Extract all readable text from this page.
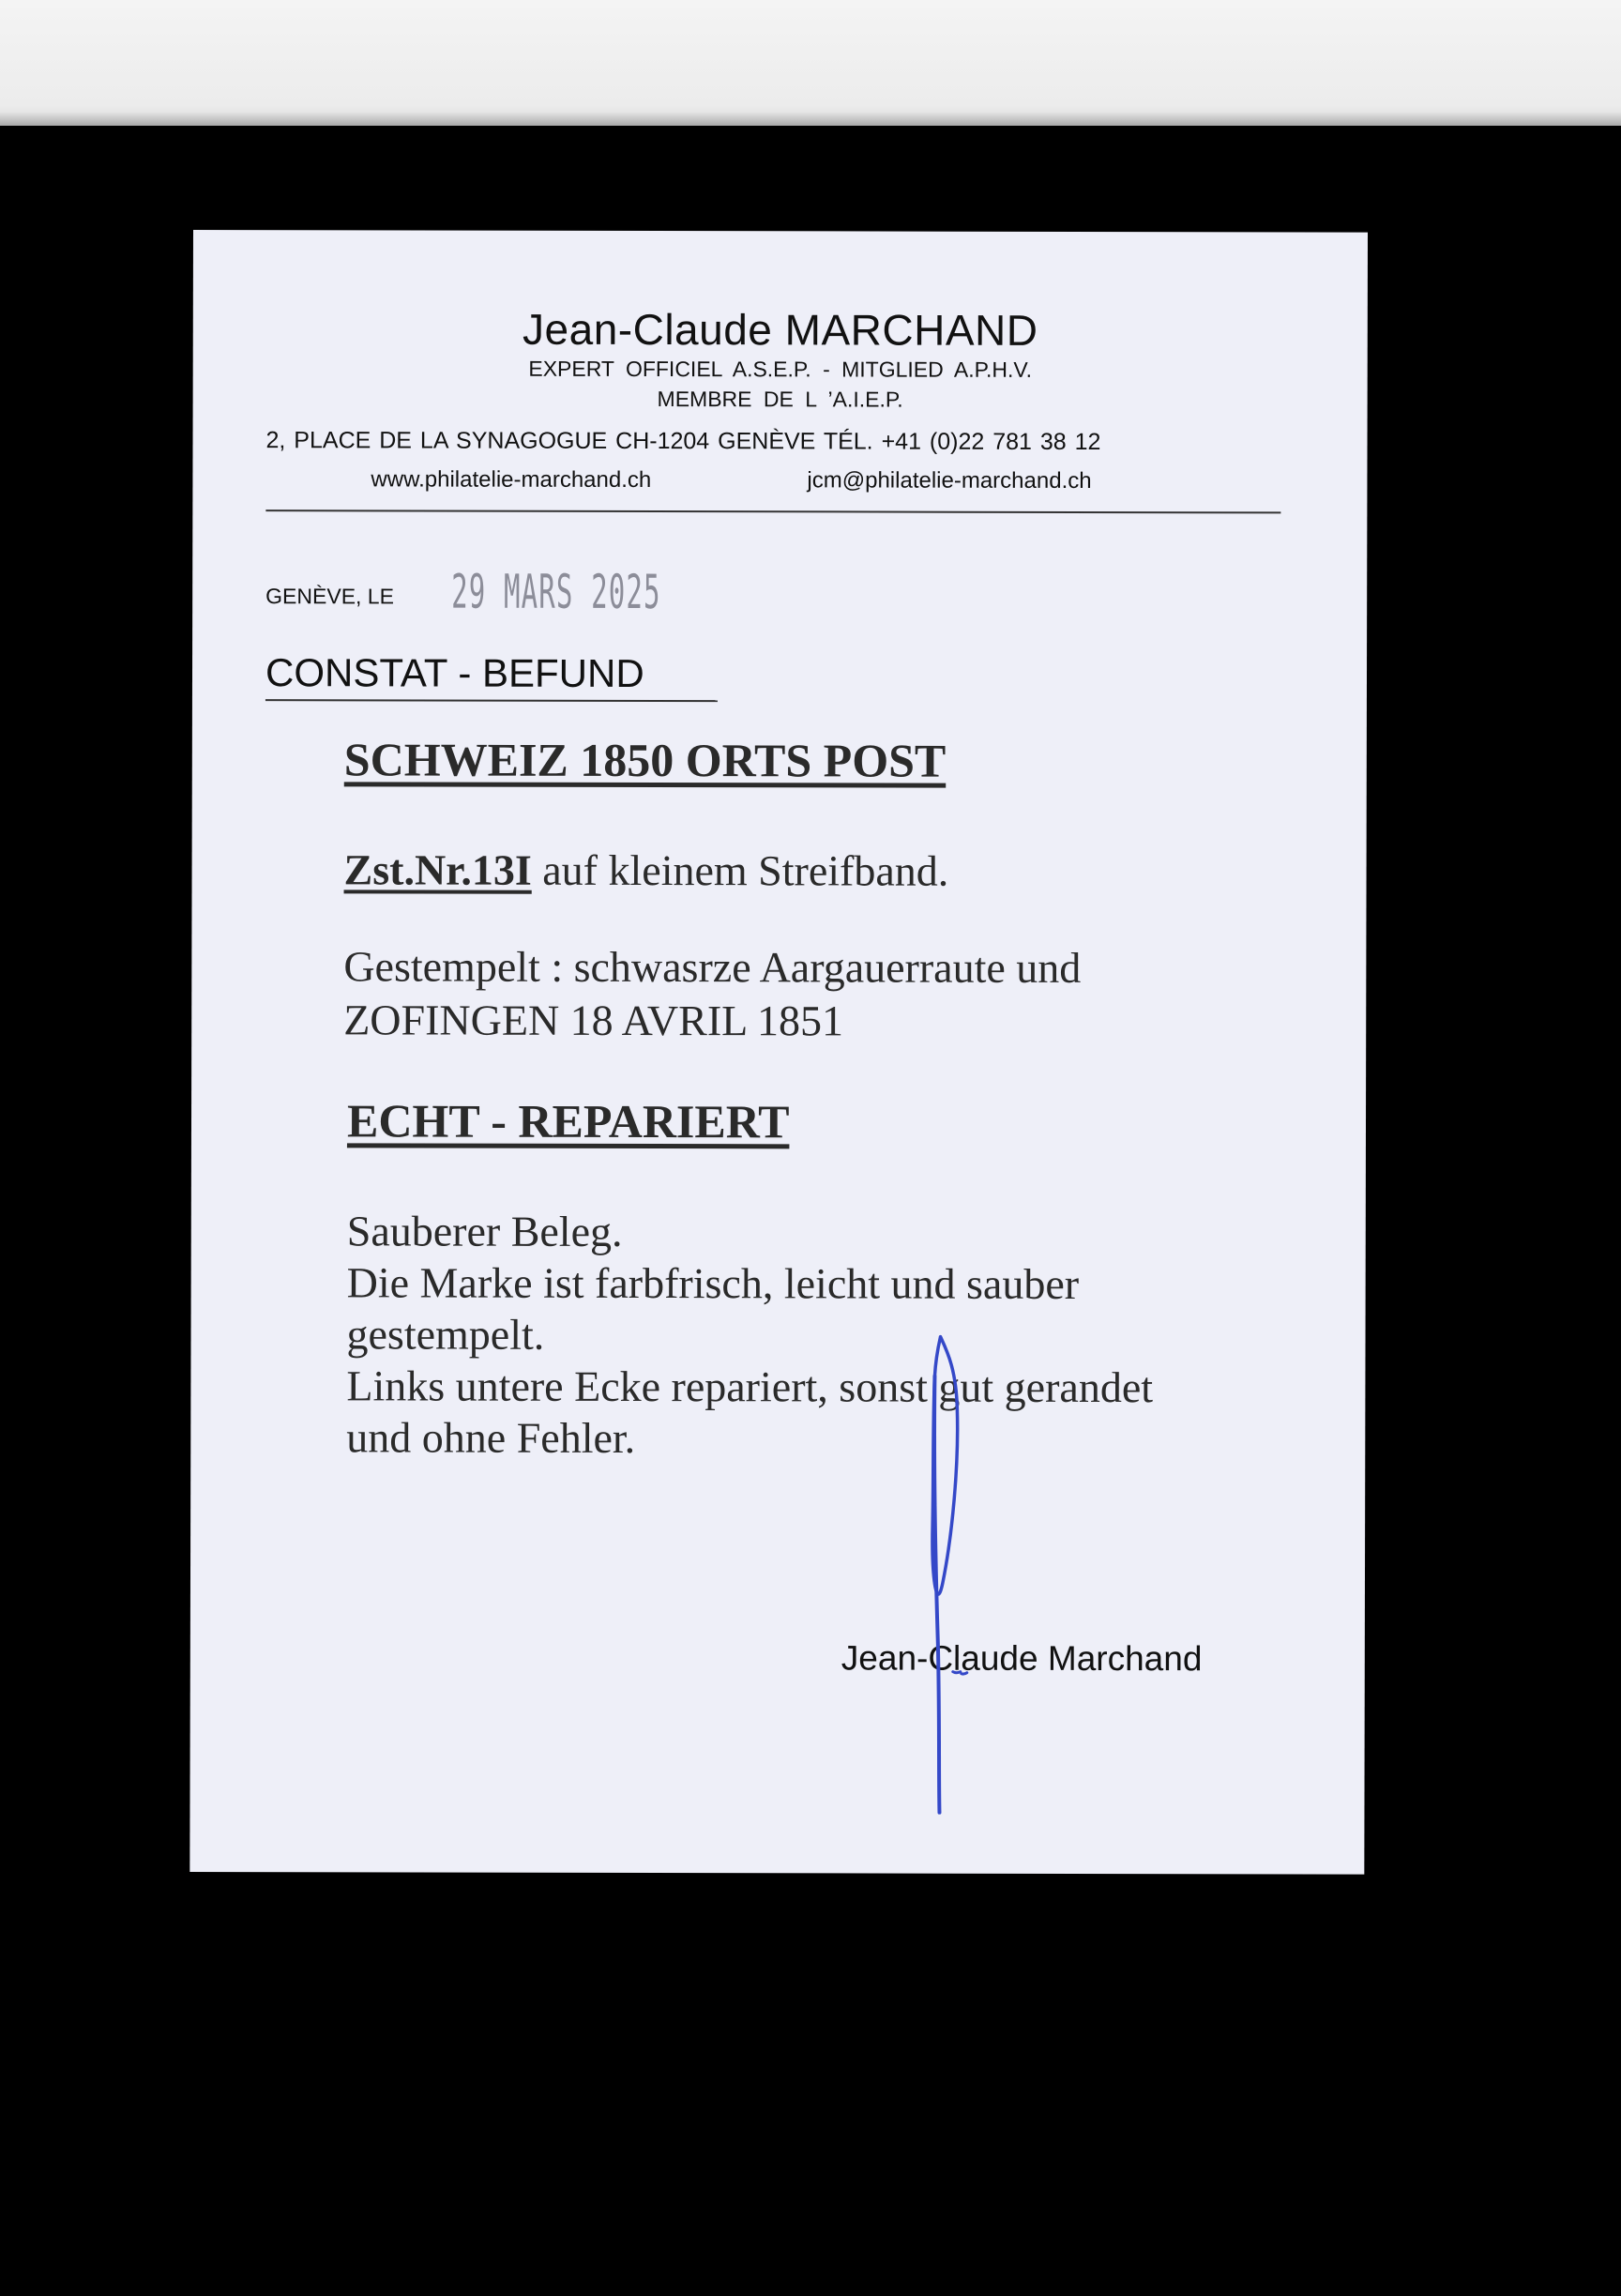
Jean-Claude MARCHAND
EXPERT OFFICIEL A.S.E.P. - MITGLIED A.P.H.V.
MEMBRE DE L ’A.I.E.P.
2, PLACE DE LA SYNAGOGUE CH-1204 GENÈVE TÉL. +41 (0)22 781 38 12
www.philatelie-marchand.ch	jcm@philatelie-marchand.ch
GENÈVE, LE 29 MARS 2025
CONSTAT - BEFUND
SCHWEIZ 1850 ORTS POST
Zst.Nr.13I auf kleinem Streifband.
Gestempelt : schwasrze Aargauerraute und
ZOFINGEN 18 AVRIL 1851
ECHT - REPARIERT
Sauberer Beleg.
Die Marke ist farbfrisch, leicht und sauber
gestempelt.
Links untere Ecke repariert, sonst gut gerandet
und ohne Fehler.
Jean-Claude Marchand
